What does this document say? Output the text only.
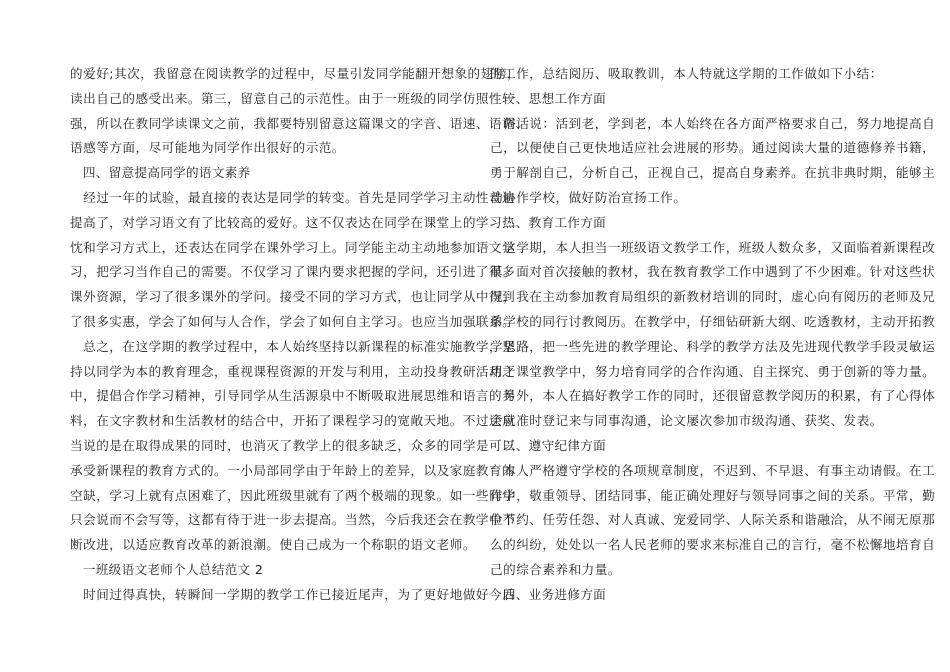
的爱好;其次，我留意在阅读教学的过程中，尽量引发同学能翻开想象的翅膀，
读出自己的感受出来。第三，留意自己的示范性。由于一班级的同学仿照性较
强，所以在教同学读课文之前，我都要特别留意这篇课文的字音、语速、语调、
语感等方面，尽可能地为同学作出很好的示范。
　四、留意提高同学的语文素养
　经过一年的试验，最直接的表达是同学的转变。首先是同学学习主动性普遍
提高了，对学习语文有了比较高的爱好。这不仅表达在同学在课堂上的学习热
忱和学习方式上，还表达在同学在课外学习上。同学能主动主动地参加语文学
习，把学习当作自己的需要。不仅学习了课内要求把握的学问，还引进了很多
课外资源，学习了很多课外的学问。接受不同的学习方式，也让同学从中得到
了很多实惠，学会了如何与人合作，学会了如何自主学习。也应当加强联系。
　总之，在这学期的教学过程中，本人始终坚持以新课程的标准实施教学，坚
持以同学为本的教育理念，重视课程资源的开发与利用，主动投身教研活动之
中，提倡合作学习精神，引导同学从生活源泉中不断吸取进展思维和语言的养
料，在文字教材和生活教材的结合中，开拓了课程学习的宽敞天地。不过还应
当说的是在取得成果的同时，也消灭了教学上的很多缺乏，众多的同学是可以
承受新课程的教育方式的。一小局部同学由于年龄上的差异，以及家庭教育的
空缺，学习上就有点困难了，因此班级里就有了两个极端的现象。如一些同学
只会说而不会写等，这都有待于进一步去提高。当然，今后我还会在教学中不
断改进，以适应教育改革的新浪潮。使自己成为一个称职的语文老师。
　一班级语文老师个人总结范文 2
　时间过得真快，转瞬间一学期的教学工作已接近尾声，为了更好地做好今后
的工作，总结阅历、吸取教训，本人特就这学期的工作做如下小结：
　一、思想工作方面
　俗话说：活到老，学到老，本人始终在各方面严格要求自己，努力地提高自
己，以便使自己更快地适应社会进展的形势。通过阅读大量的道德修养书籍，
勇于解剖自己，分析自己，正视自己，提高自身素养。在抗非典时期，能够主
动协作学校，做好防治宣扬工作。
　二、教育工作方面
　这学期，本人担当一班级语文教学工作，班级人数众多，又面临着新课程改
革。面对首次接触的教材，我在教育教学工作中遇到了不少困难。针对这些状
况，我在主动参加教育局组织的新教材培训的同时，虚心向有阅历的老师及兄
弟学校的同行讨教阅历。在教学中，仔细钻研新大纲、吃透教材，主动开拓教
学思路，把一些先进的教学理论、科学的教学方法及先进现代教学手段灵敏运
用于课堂教学中，努力培育同学的合作沟通、自主探究、勇于创新的等力量。
　另外，本人在搞好教学工作的同时，还很留意教学阅历的积累，有了心得体
会就准时登记来与同事沟通，论文屡次参加市级沟通、获奖、发表。
　三、遵守纪律方面
　本人严格遵守学校的各项规章制度，不迟到、不早退、有事主动请假。在工
作中，敬重领导、团结同事，能正确处理好与领导同事之间的关系。平常，勤
俭节约、任劳任怨、对人真诚、宠爱同学、人际关系和谐融洽，从不闹无原那
么的纠纷，处处以一名人民老师的要求来标准自己的言行，毫不松懈地培育自
己的综合素养和力量。
　四、业务进修方面
